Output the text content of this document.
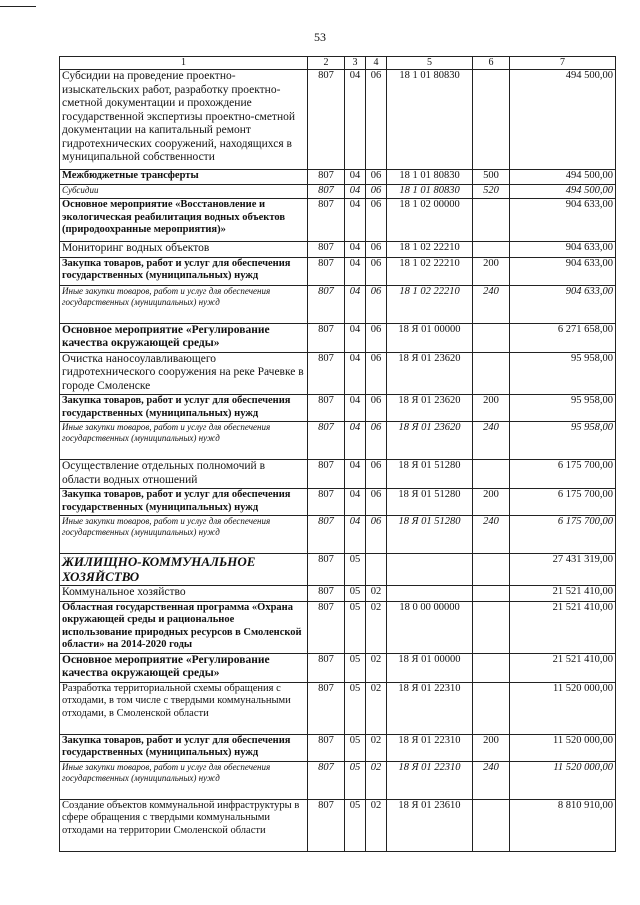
53
1	2	3	4	5	6	7
Субсидии на проведение проектно-изыскательских работ, разработку проектно-сметной документации и прохождение государственной экспертизы проектно-сметной документации на капитальный ремонт гидротехнических сооружений, находящихся в муниципальной собственности	807	04	06	18 1 01 80830		494 500,00
Межбюджетные трансферты	807	04	06	18 1 01 80830	500	494 500,00
Субсидии	807	04	06	18 1 01 80830	520	494 500,00
Основное мероприятие «Восстановление и экологическая реабилитация водных объектов (природоохранные мероприятия)»	807	04	06	18 1 02 00000		904 633,00
Мониторинг водных объектов	807	04	06	18 1 02 22210		904 633,00
Закупка товаров, работ и услуг для обеспечения государственных (муниципальных) нужд	807	04	06	18 1 02 22210	200	904 633,00
Иные закупки товаров, работ и услуг для обеспечения государственных (муниципальных) нужд	807	04	06	18 1 02 22210	240	904 633,00
Основное мероприятие «Регулирование качества окружающей среды»	807	04	06	18 Я 01 00000		6 271 658,00
Очистка наносоулавливающего гидротехнического сооружения на реке Рачевке в городе Смоленске	807	04	06	18 Я 01 23620		95 958,00
Закупка товаров, работ и услуг для обеспечения государственных (муниципальных) нужд	807	04	06	18 Я 01 23620	200	95 958,00
Иные закупки товаров, работ и услуг для обеспечения государственных (муниципальных) нужд	807	04	06	18 Я 01 23620	240	95 958,00
Осуществление отдельных полномочий в области водных отношений	807	04	06	18 Я 01 51280		6 175 700,00
Закупка товаров, работ и услуг для обеспечения государственных (муниципальных) нужд	807	04	06	18 Я 01 51280	200	6 175 700,00
Иные закупки товаров, работ и услуг для обеспечения государственных (муниципальных) нужд	807	04	06	18 Я 01 51280	240	6 175 700,00
ЖИЛИЩНО-КОММУНАЛЬНОЕ ХОЗЯЙСТВО	807	05				27 431 319,00
Коммунальное хозяйство	807	05	02			21 521 410,00
Областная государственная программа «Охрана окружающей среды и рациональное использование природных ресурсов в Смоленской области» на 2014-2020 годы	807	05	02	18 0 00 00000		21 521 410,00
Основное мероприятие «Регулирование качества окружающей среды»	807	05	02	18 Я 01 00000		21 521 410,00
Разработка территориальной схемы обращения с отходами, в том числе с твердыми коммунальными отходами, в Смоленской области	807	05	02	18 Я 01 22310		11 520 000,00
Закупка товаров, работ и услуг для обеспечения государственных (муниципальных) нужд	807	05	02	18 Я 01 22310	200	11 520 000,00
Иные закупки товаров, работ и услуг для обеспечения государственных (муниципальных) нужд	807	05	02	18 Я 01 22310	240	11 520 000,00
Создание объектов коммунальной инфраструктуры в сфере обращения с твердыми коммунальными отходами на территории Смоленской области	807	05	02	18 Я 01 23610		8 810 910,00
